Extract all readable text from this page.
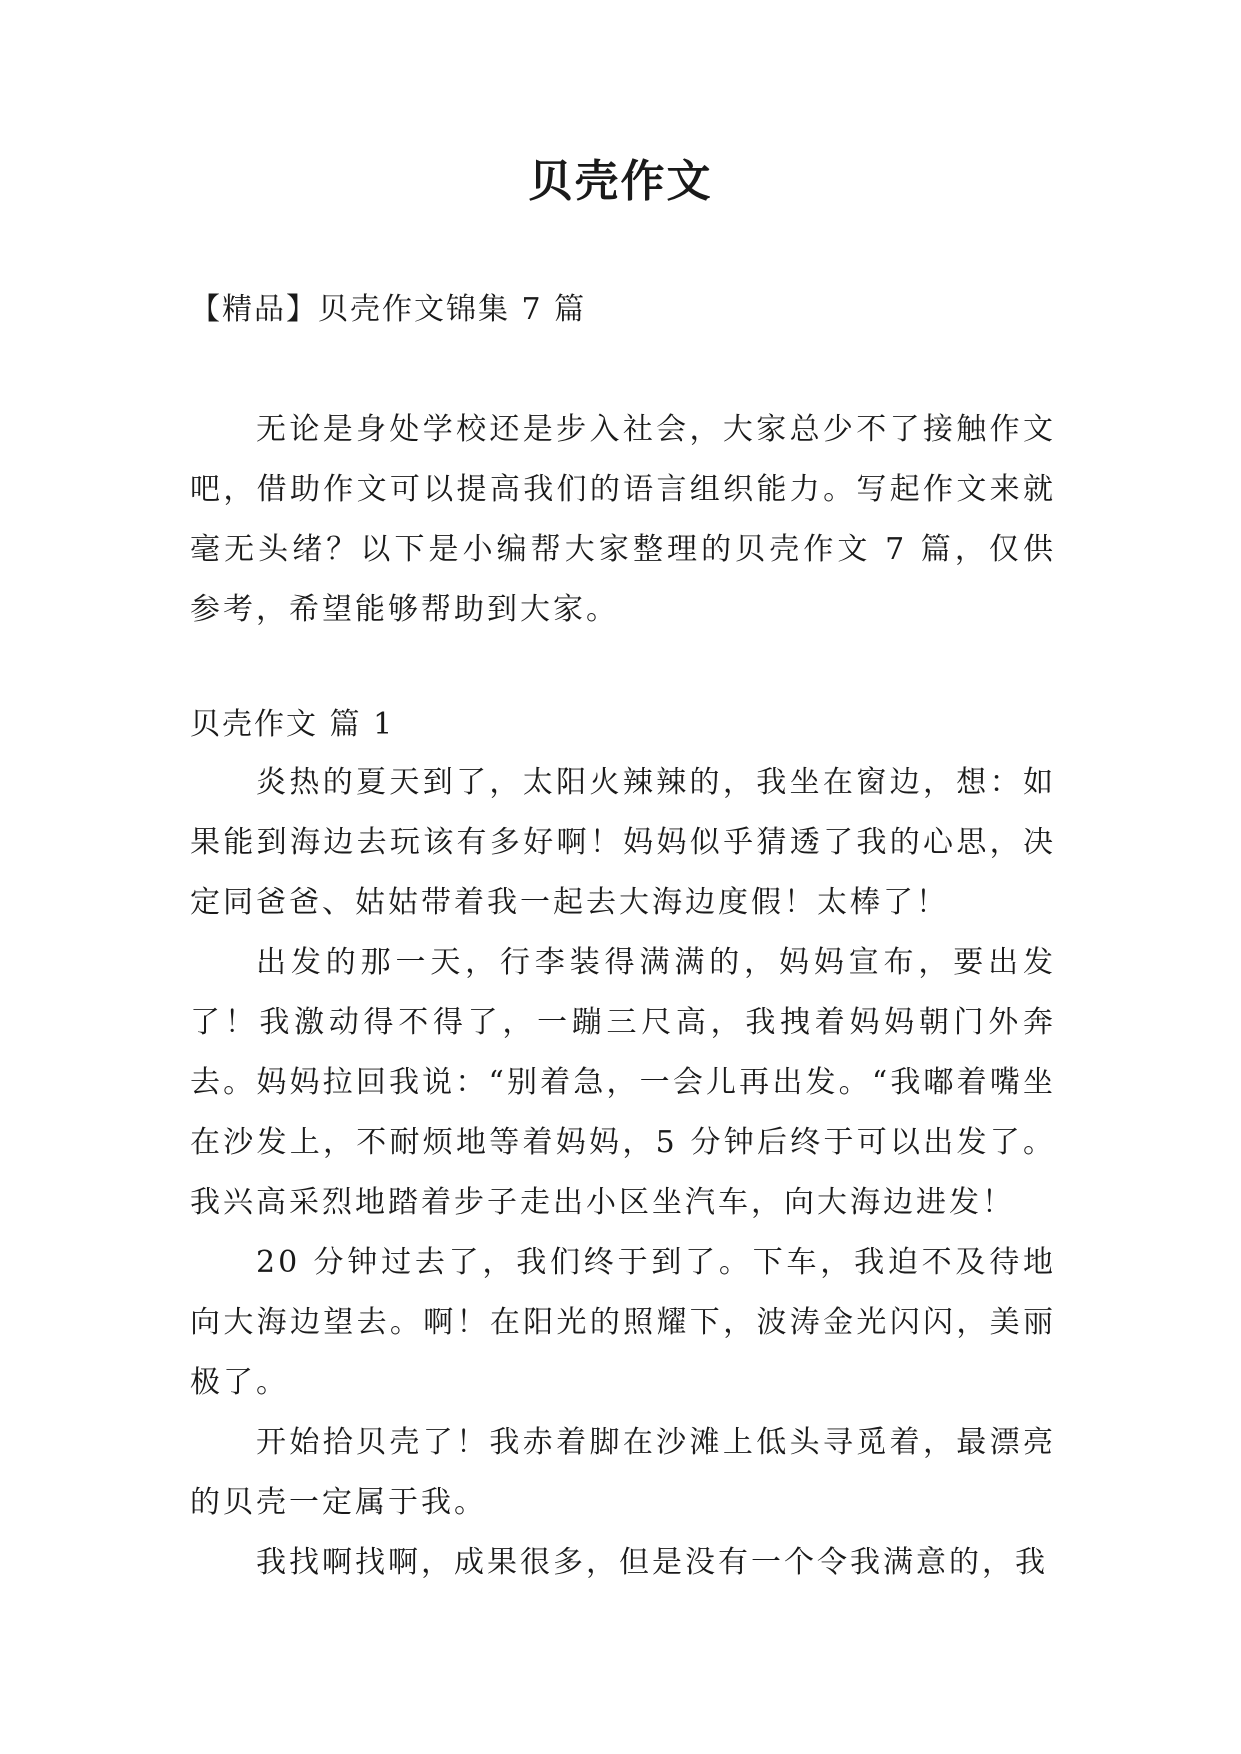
贝壳作文
【精品】贝壳作文锦集 7 篇

无论是身处学校还是步入社会，大家总少不了接触作文吧，借助作文可以提高我们的语言组织能力。写起作文来就毫无头绪？以下是小编帮大家整理的贝壳作文 7 篇，仅供参考，希望能够帮助到大家。

贝壳作文 篇 1

炎热的夏天到了，太阳火辣辣的，我坐在窗边，想：如果能到海边去玩该有多好啊！妈妈似乎猜透了我的心思，决定同爸爸、姑姑带着我一起去大海边度假！太棒了！

出发的那一天，行李装得满满的，妈妈宣布，要出发了！我激动得不得了，一蹦三尺高，我拽着妈妈朝门外奔去。妈妈拉回我说：“别着急，一会儿再出发。“我嘟着嘴坐在沙发上，不耐烦地等着妈妈，5 分钟后终于可以出发了。我兴高采烈地踏着步子走出小区坐汽车，向大海边进发！

20 分钟过去了，我们终于到了。下车，我迫不及待地向大海边望去。啊！在阳光的照耀下，波涛金光闪闪，美丽极了。

开始拾贝壳了！我赤着脚在沙滩上低头寻觅着，最漂亮的贝壳一定属于我。

我找啊找啊，成果很多，但是没有一个令我满意的，我
